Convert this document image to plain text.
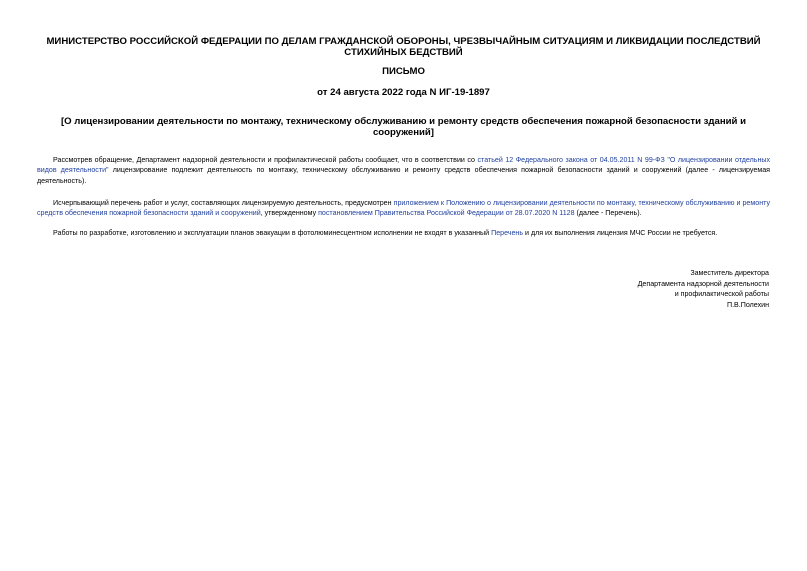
МИНИСТЕРСТВО РОССИЙСКОЙ ФЕДЕРАЦИИ ПО ДЕЛАМ ГРАЖДАНСКОЙ ОБОРОНЫ, ЧРЕЗВЫЧАЙНЫМ СИТУАЦИЯМ И ЛИКВИДАЦИИ ПОСЛЕДСТВИЙ СТИХИЙНЫХ БЕДСТВИЙ
ПИСЬМО
от 24 августа 2022 года N ИГ-19-1897
[О лицензировании деятельности по монтажу, техническому обслуживанию и ремонту средств обеспечения пожарной безопасности зданий и сооружений]

Рассмотрев обращение, Департамент надзорной деятельности и профилактической работы сообщает, что в соответствии со статьей 12 Федерального закона от 04.05.2011 N 99-ФЗ "О лицензировании отдельных видов деятельности" лицензирование подлежит деятельность по монтажу, техническому обслуживанию и ремонту средств обеспечения пожарной безопасности зданий и сооружений (далее - лицензируемая деятельность).

Исчерпывающий перечень работ и услуг, составляющих лицензируемую деятельность, предусмотрен приложением к Положению о лицензировании деятельности по монтажу, техническому обслуживанию и ремонту средств обеспечения пожарной безопасности зданий и сооружений, утвержденному постановлением Правительства Российской Федерации от 28.07.2020 N 1128 (далее - Перечень).

Работы по разработке, изготовлению и эксплуатации планов эвакуации в фотолюминесцентном исполнении не входят в указанный Перечень и для их выполнения лицензия МЧС России не требуется.

Заместитель директора
Департамента надзорной деятельности
и профилактической работы
П.В.Полехин
